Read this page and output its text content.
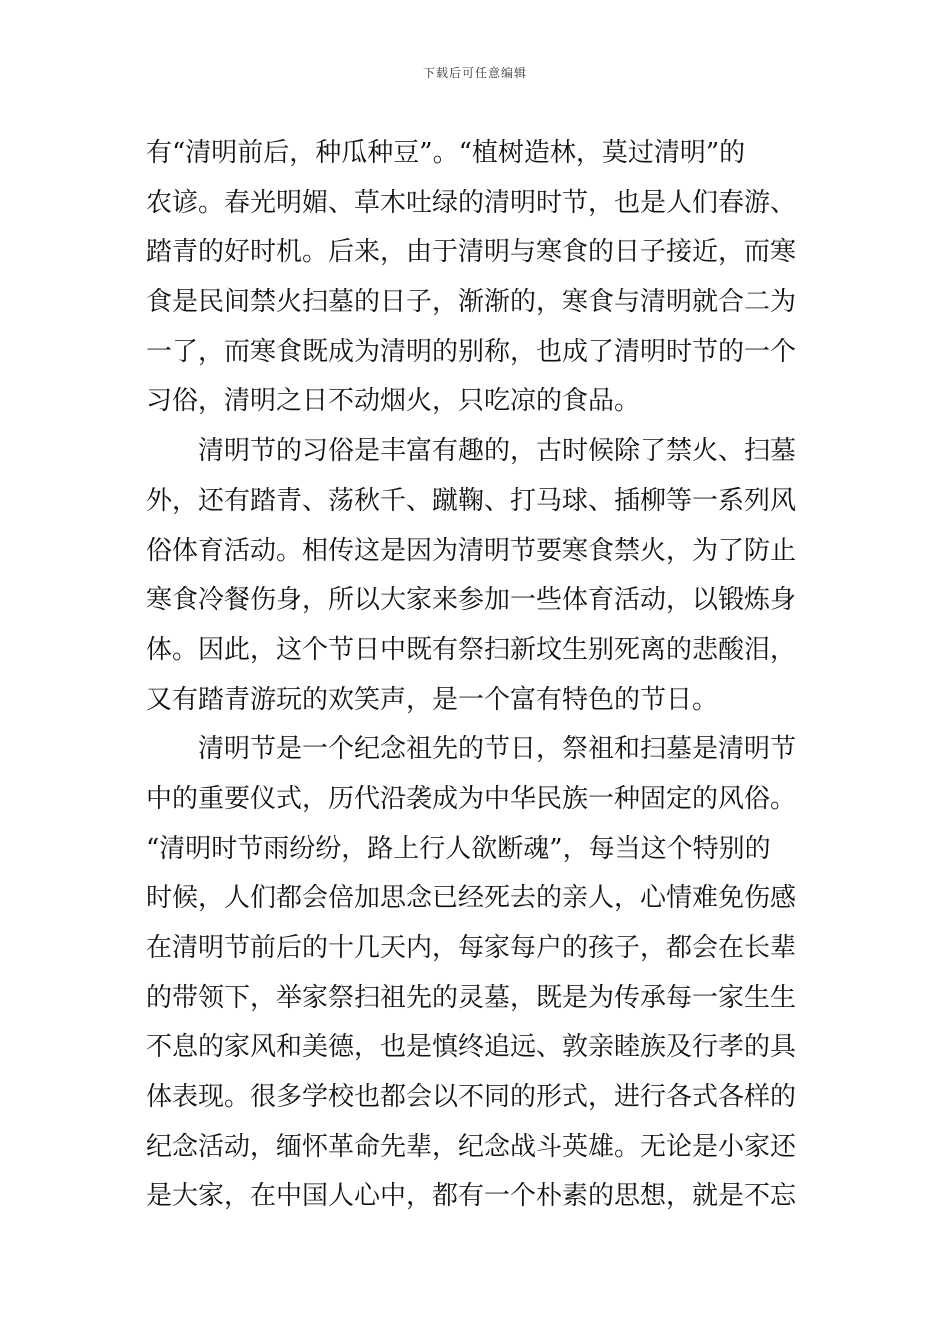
下载后可任意编辑
有“清明前后，种瓜种豆”。“植树造林，莫过清明”的
农谚。春光明媚、草木吐绿的清明时节，也是人们春游、
踏青的好时机。后来，由于清明与寒食的日子接近，而寒
食是民间禁火扫墓的日子，渐渐的，寒食与清明就合二为
一了，而寒食既成为清明的别称，也成了清明时节的一个
习俗，清明之日不动烟火，只吃凉的食品。
　　清明节的习俗是丰富有趣的，古时候除了禁火、扫墓
外，还有踏青、荡秋千、蹴鞠、打马球、插柳等一系列风
俗体育活动。相传这是因为清明节要寒食禁火，为了防止
寒食冷餐伤身，所以大家来参加一些体育活动，以锻炼身
体。因此，这个节日中既有祭扫新坟生别死离的悲酸泪，
又有踏青游玩的欢笑声，是一个富有特色的节日。
　　清明节是一个纪念祖先的节日，祭祖和扫墓是清明节
中的重要仪式，历代沿袭成为中华民族一种固定的风俗。
“清明时节雨纷纷，路上行人欲断魂”，每当这个特别的
时候，人们都会倍加思念已经死去的亲人，心情难免伤感
在清明节前后的十几天内，每家每户的孩子，都会在长辈
的带领下，举家祭扫祖先的灵墓，既是为传承每一家生生
不息的家风和美德，也是慎终追远、敦亲睦族及行孝的具
体表现。很多学校也都会以不同的形式，进行各式各样的
纪念活动，缅怀革命先辈，纪念战斗英雄。无论是小家还
是大家，在中国人心中，都有一个朴素的思想，就是不忘
